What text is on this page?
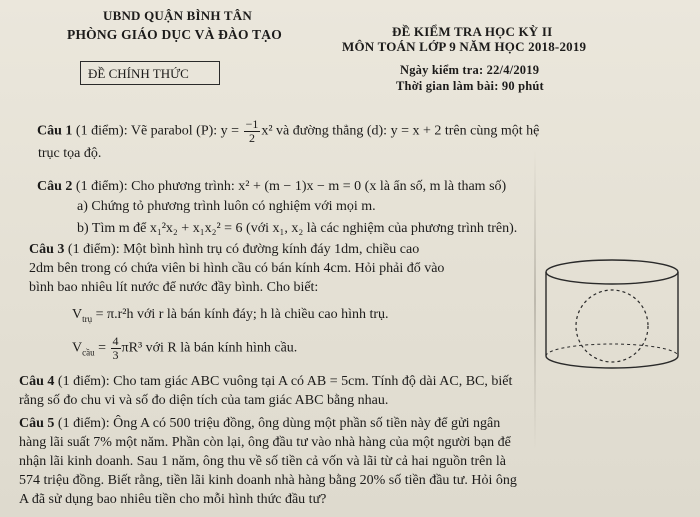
UBND QUẬN BÌNH TÂN
PHÒNG GIÁO DỤC VÀ ĐÀO TẠO
ĐỀ CHÍNH THỨC
ĐỀ KIỂM TRA HỌC KỲ II
MÔN TOÁN LỚP 9 NĂM HỌC 2018-2019
Ngày kiểm tra: 22/4/2019
Thời gian làm bài: 90 phút
Câu 1 (1 điểm): Vẽ parabol (P): $y = \frac{-1}{2} x^2$ và đường thẳng (d): y = x + 2 trên cùng một hệ
trục tọa độ.
Câu 2 (1 điểm): Cho phương trình: x² + (m − 1)x − m = 0 (x là ẩn số, m là tham số)
a) Chứng tỏ phương trình luôn có nghiệm với mọi m.
b) Tìm m để x₁²x₂ + x₁x₂² = 6 (với x₁, x₂ là các nghiệm của phương trình trên).
Câu 3 (1 điểm): Một bình hình trụ có đường kính đáy 1dm, chiều cao
2dm bên trong có chứa viên bi hình cầu có bán kính 4cm. Hỏi phải đổ vào
bình bao nhiêu lít nước để nước đầy bình. Cho biết:
$V_{trụ} = \pi.r^2h$ với r là bán kính đáy; h là chiều cao hình trụ.
$V_{cầu} = \frac{4}{3} \pi R^3$ với R là bán kính hình cầu.
Câu 4 (1 điểm): Cho tam giác ABC vuông tại A có AB = 5cm. Tính độ dài AC, BC, biết
rằng số đo chu vi và số đo diện tích của tam giác ABC bằng nhau.
Câu 5 (1 điểm): Ông A có 500 triệu đồng, ông dùng một phần số tiền này để gửi ngân
hàng lãi suất 7% một năm. Phần còn lại, ông đầu tư vào nhà hàng của một người bạn để
nhận lãi kinh doanh. Sau 1 năm, ông thu về số tiền cả vốn và lãi từ cả hai nguồn trên là
574 triệu đồng. Biết rằng, tiền lãi kinh doanh nhà hàng bằng 20% số tiền đầu tư. Hỏi ông
A đã sử dụng bao nhiêu tiền cho mỗi hình thức đầu tư?
